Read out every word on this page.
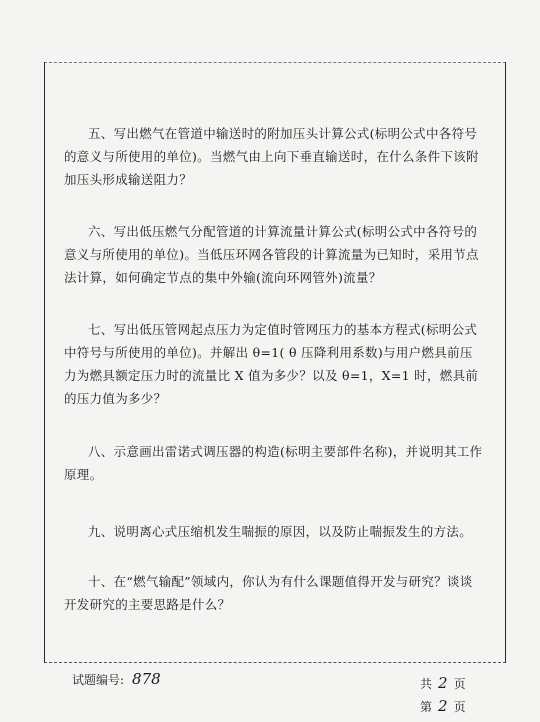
五、写出燃气在管道中输送时的附加压头计算公式(标明公式中各符号的意义与所使用的单位)。当燃气由上向下垂直输送时，在什么条件下该附加压头形成输送阻力？

六、写出低压燃气分配管道的计算流量计算公式(标明公式中各符号的意义与所使用的单位)。当低压环网各管段的计算流量为已知时，采用节点法计算，如何确定节点的集中外输(流向环网管外)流量？

七、写出低压管网起点压力为定值时管网压力的基本方程式(标明公式中符号与所使用的单位)。并解出 θ=1( θ 压降利用系数)与用户燃具前压力为燃具额定压力时的流量比 X 值为多少？以及 θ=1，X=1 时，燃具前的压力值为多少？

八、示意画出雷诺式调压器的构造(标明主要部件名称)，并说明其工作原理。

九、说明离心式压缩机发生喘振的原因，以及防止喘振发生的方法。

十、在“燃气输配”领域内，你认为有什么课题值得开发与研究？谈谈开发研究的主要思路是什么？

试题编号: 878	共 2 页
第 2 页
